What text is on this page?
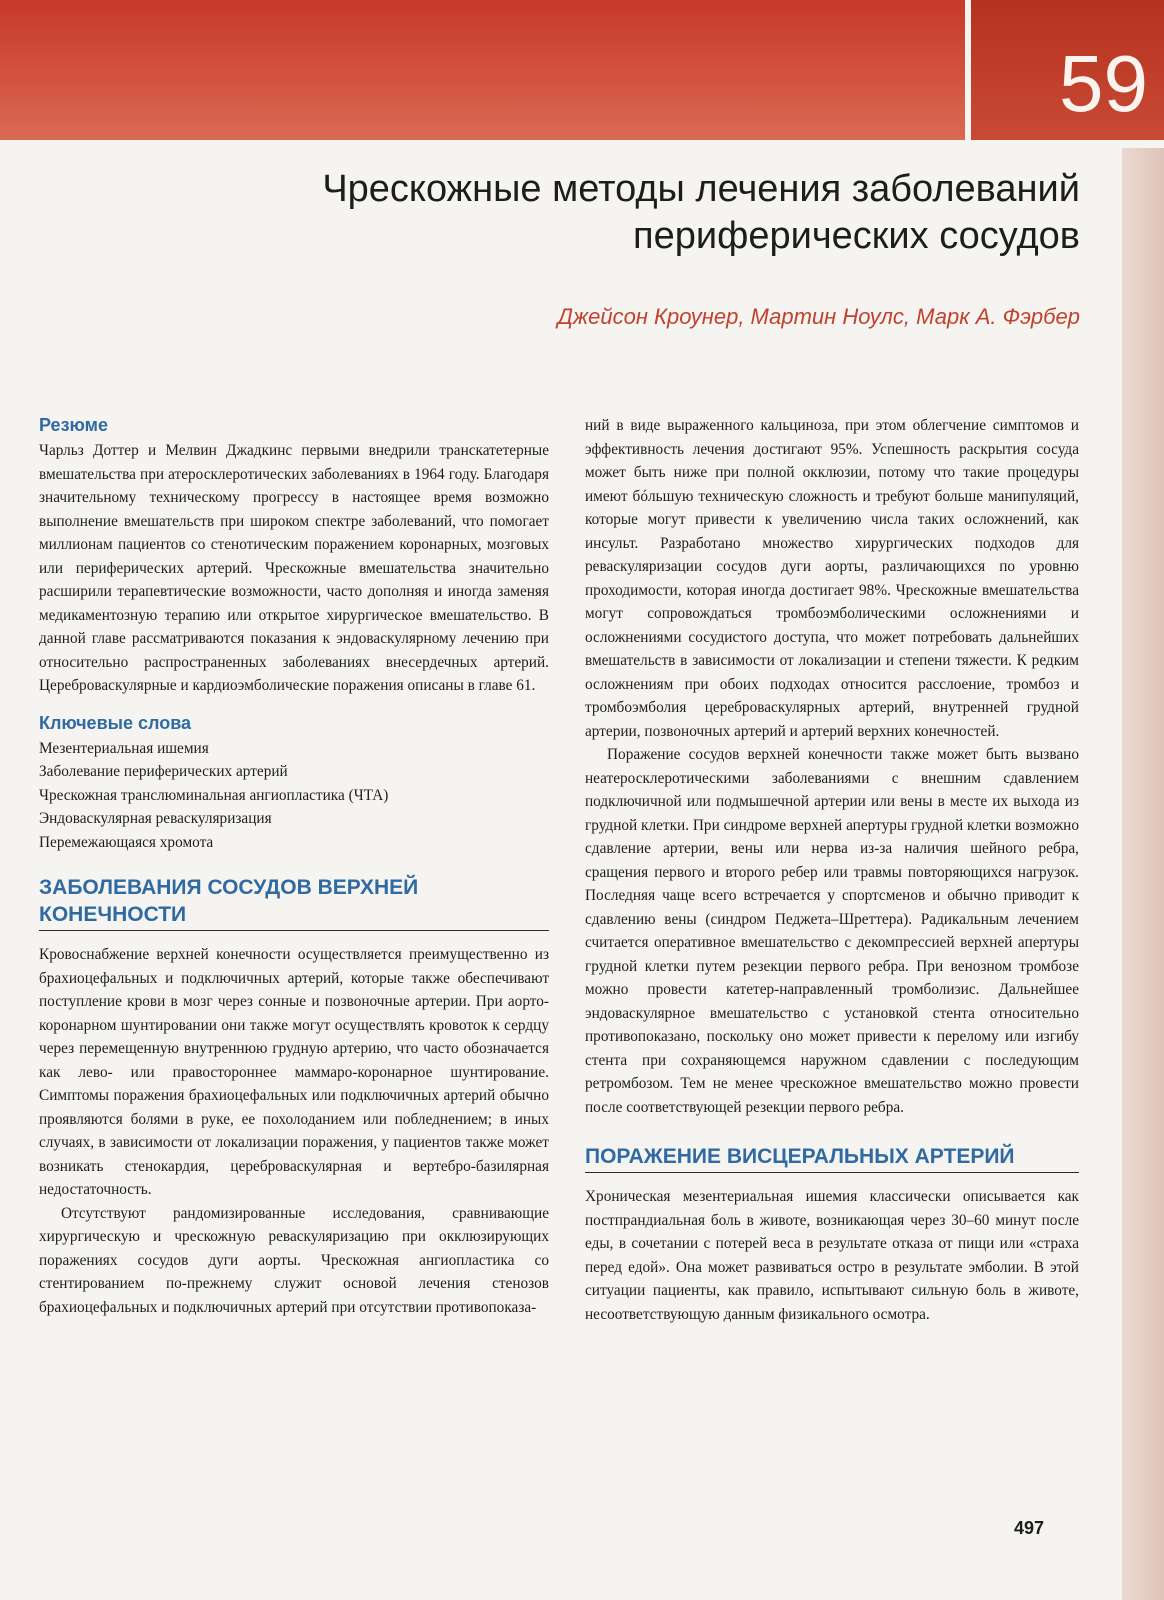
59
Чрескожные методы лечения заболеваний
периферических сосудов
Джейсон Кроунер, Мартин Ноулс, Марк А. Фэрбер
Резюме

Чарльз Доттер и Мелвин Джадкинс первыми внедрили транскатетерные вмешательства при атеросклеротических заболеваниях в 1964 году. Благодаря значительному техническому прогрессу в настоящее время возможно выполнение вмешательств при широком спектре заболеваний, что помогает миллионам пациентов со стенотическим поражением коронарных, мозговых или периферических артерий. Чрескожные вмешательства значительно расширили терапевтические возможности, часто дополняя и иногда заменяя медикаментозную терапию или открытое хирургическое вмешательство. В данной главе рассматриваются показания к эндоваскулярному лечению при относительно распространенных заболеваниях внесердечных артерий. Цереброваскулярные и кардиоэмболические поражения описаны в главе 61.

Ключевые слова
Мезентериальная ишемия
Заболевание периферических артерий
Чрескожная транслюминальная ангиопластика (ЧТА)
Эндоваскулярная реваскуляризация
Перемежающаяся хромота
ЗАБОЛЕВАНИЯ СОСУДОВ ВЕРХНЕЙ КОНЕЧНОСТИ

Кровоснабжение верхней конечности осуществляется преимущественно из брахиоцефальных и подключичных артерий, которые также обеспечивают поступление крови в мозг через сонные и позвоночные артерии. При аорто-коронарном шунтировании они также могут осуществлять кровоток к сердцу через перемещенную внутреннюю грудную артерию, что часто обозначается как лево- или правостороннее маммаро-коронарное шунтирование. Симптомы поражения брахиоцефальных или подключичных артерий обычно проявляются болями в руке, ее похолоданием или побледнением; в иных случаях, в зависимости от локализации поражения, у пациентов также может возникать стенокардия, цереброваскулярная и вертебро-базилярная недостаточность.

Отсутствуют рандомизированные исследования, сравнивающие хирургическую и чрескожную реваскуляризацию при окклюзирующих поражениях сосудов дуги аорты. Чрескожная ангиопластика со стентированием по-прежнему служит основой лечения стенозов брахиоцефальных и подключичных артерий при отсутствии противопоказа-

ний в виде выраженного кальциноза, при этом облегчение симптомов и эффективность лечения достигают 95%. Успешность раскрытия сосуда может быть ниже при полной окклюзии, потому что такие процедуры имеют бóльшую техническую сложность и требуют больше манипуляций, которые могут привести к увеличению числа таких осложнений, как инсульт. Разработано множество хирургических подходов для реваскуляризации сосудов дуги аорты, различающихся по уровню проходимости, которая иногда достигает 98%. Чрескожные вмешательства могут сопровождаться тромбоэмболическими осложнениями и осложнениями сосудистого доступа, что может потребовать дальнейших вмешательств в зависимости от локализации и степени тяжести. К редким осложнениям при обоих подходах относится расслоение, тромбоз и тромбоэмболия цереброваскулярных артерий, внутренней грудной артерии, позвоночных артерий и артерий верхних конечностей.

Поражение сосудов верхней конечности также может быть вызвано неатеросклеротическими заболеваниями с внешним сдавлением подключичной или подмышечной артерии или вены в месте их выхода из грудной клетки. При синдроме верхней апертуры грудной клетки возможно сдавление артерии, вены или нерва из-за наличия шейного ребра, сращения первого и второго ребер или травмы повторяющихся нагрузок. Последняя чаще всего встречается у спортсменов и обычно приводит к сдавлению вены (синдром Педжета–Шреттера). Радикальным лечением считается оперативное вмешательство с декомпрессией верхней апертуры грудной клетки путем резекции первого ребра. При венозном тромбозе можно провести катетер-направленный тромболизис. Дальнейшее эндоваскулярное вмешательство с установкой стента относительно противопоказано, поскольку оно может привести к перелому или изгибу стента при сохраняющемся наружном сдавлении с последующим ретромбозом. Тем не менее чрескожное вмешательство можно провести после соответствующей резекции первого ребра.

ПОРАЖЕНИЕ ВИСЦЕРАЛЬНЫХ АРТЕРИЙ

Хроническая мезентериальная ишемия классически описывается как постпрандиальная боль в животе, возникающая через 30–60 минут после еды, в сочетании с потерей веса в результате отказа от пищи или «страха перед едой». Она может развиваться остро в результате эмболии. В этой ситуации пациенты, как правило, испытывают сильную боль в животе, несоответствующую данным физикального осмотра.

497
